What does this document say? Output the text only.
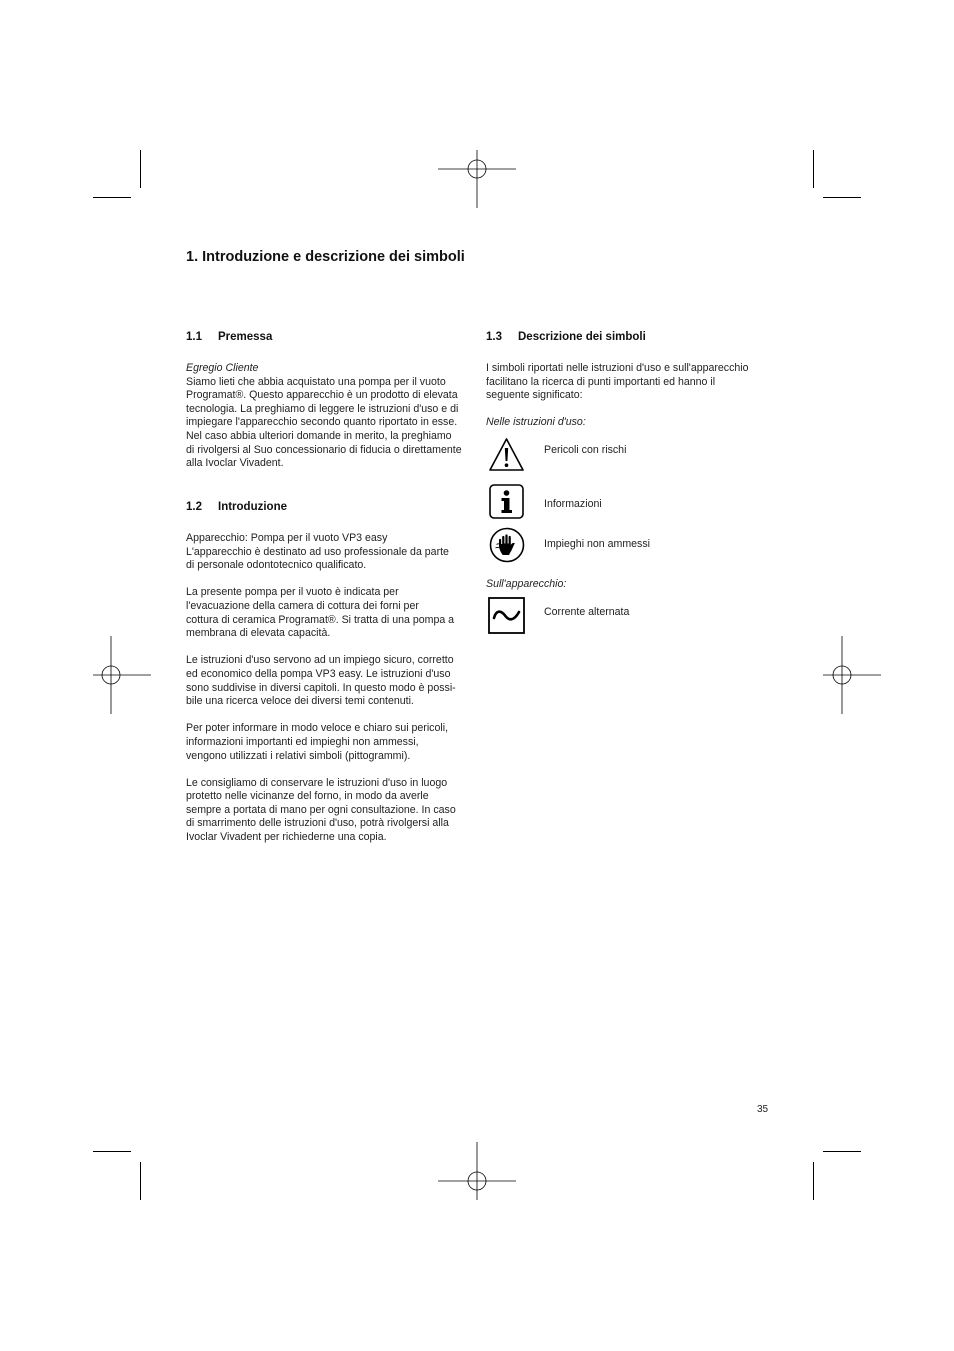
1. Introduzione e descrizione dei simboli
1.1 Premessa

Egregio Cliente

Siamo lieti che abbia acquistato una pompa per il vuoto

Programat®. Questo apparecchio è un prodotto di elevata

tecnologia. La preghiamo di leggere le istruzioni d'uso e di

impiegare l'apparecchio secondo quanto riportato in esse.

Nel caso abbia ulteriori domande in merito, la preghiamo

di rivolgersi al Suo concessionario di fiducia o direttamente

alla Ivoclar Vivadent.

1.2 Introduzione

Apparecchio: Pompa per il vuoto VP3 easy

L'apparecchio è destinato ad uso professionale da parte

di personale odontotecnico qualificato.

La presente pompa per il vuoto è indicata per

l'evacuazione della camera di cottura dei forni per

cottura di ceramica Programat®. Si tratta di una pompa a

membrana di elevata capacità.

Le istruzioni d'uso servono ad un impiego sicuro, corretto

ed economico della pompa VP3 easy. Le istruzioni d'uso

sono suddivise in diversi capitoli. In questo modo è possi-

bile una ricerca veloce dei diversi temi contenuti.

Per poter informare in modo veloce e chiaro sui pericoli,

informazioni importanti ed impieghi non ammessi,

vengono utilizzati i relativi simboli (pittogrammi).

Le consigliamo di conservare le istruzioni d'uso in luogo

protetto nelle vicinanze del forno, in modo da averle

sempre a portata di mano per ogni consultazione. In caso

di smarrimento delle istruzioni d'uso, potrà rivolgersi alla

Ivoclar Vivadent per richiederne una copia.

1.3 Descrizione dei simboli

I simboli riportati nelle istruzioni d'uso e sull'apparecchio

facilitano la ricerca di punti importanti ed hanno il

seguente significato:

Nelle istruzioni d'uso:

Pericoli con rischi
Informazioni
Impieghi non ammessi

Sull'apparecchio:

Corrente alternata
35
